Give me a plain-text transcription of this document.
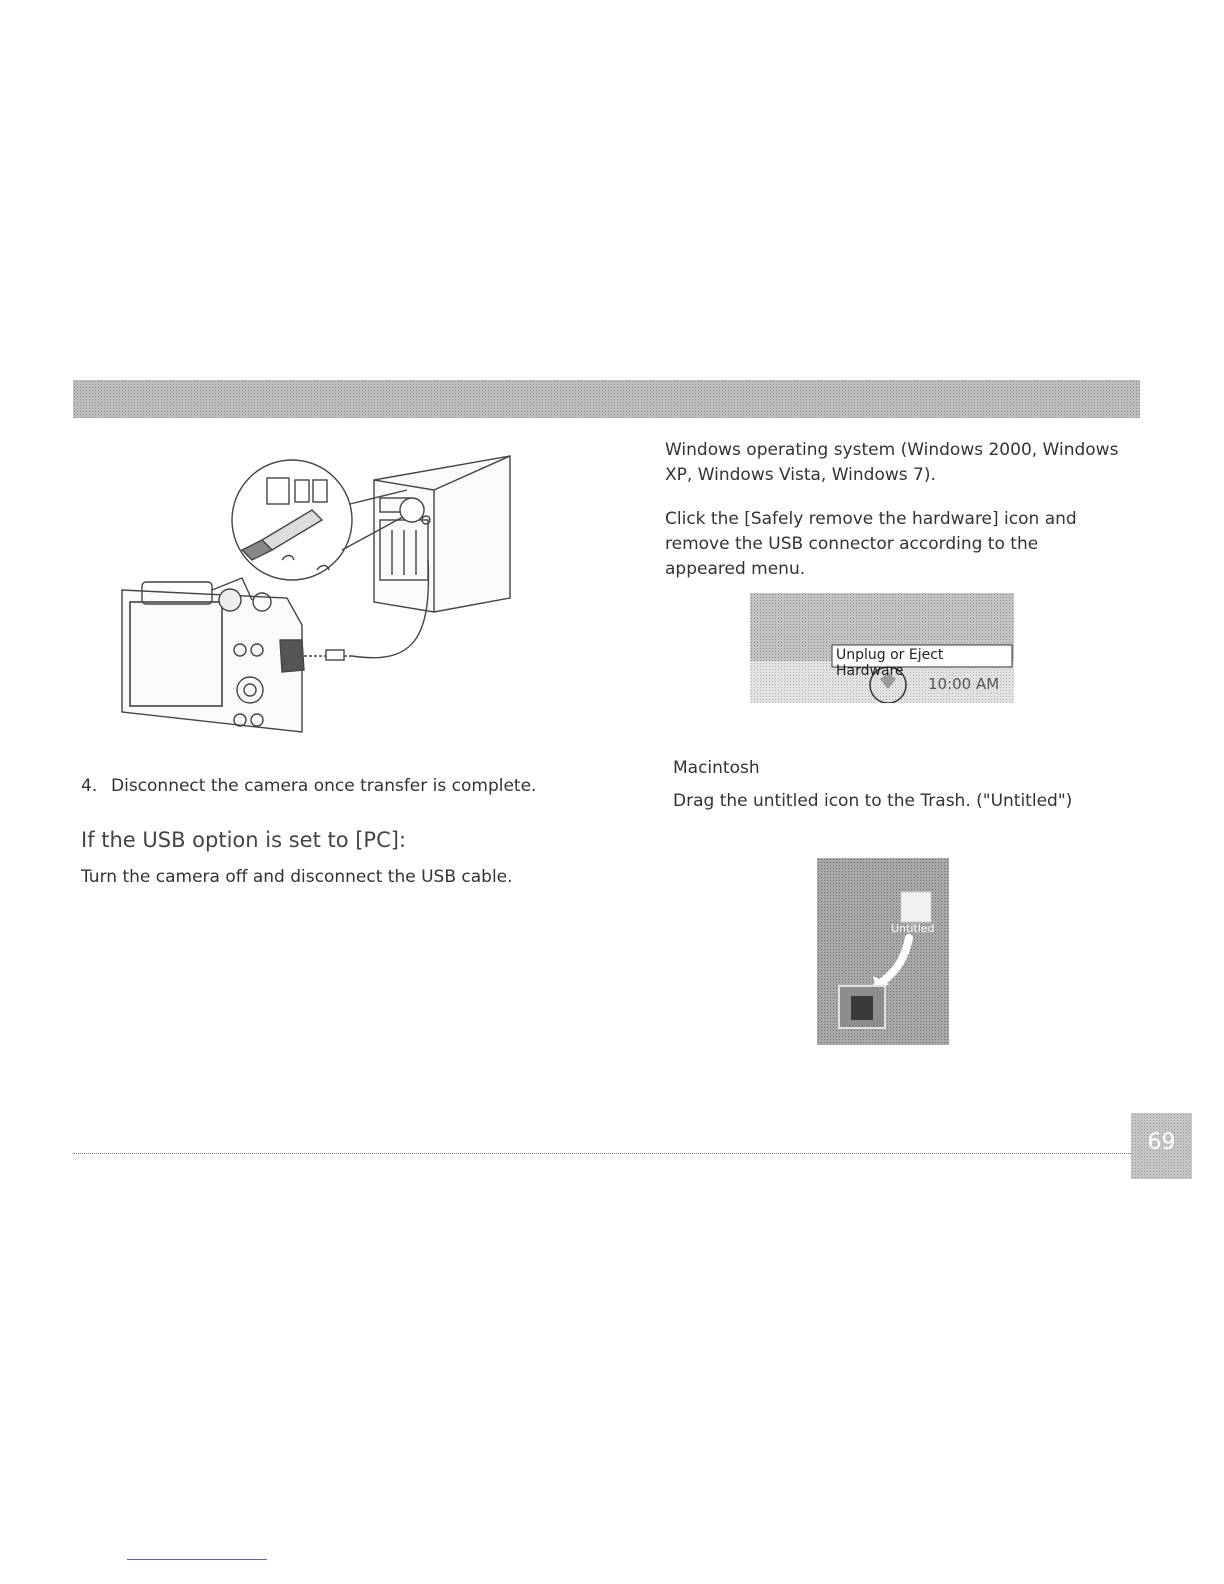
4. Disconnect the camera once transfer is complete.
If the USB option is set to [PC]:
Turn the camera off and disconnect the USB cable.
Windows operating system (Windows 2000, Windows XP, Windows Vista, Windows 7).
Click the [Safely remove the hardware] icon and remove the USB connector according to the appeared menu.
Unplug or Eject Hardware
10:00 AM
Macintosh
Drag the untitled icon to the Trash. ("Untitled")
Untitled
69
